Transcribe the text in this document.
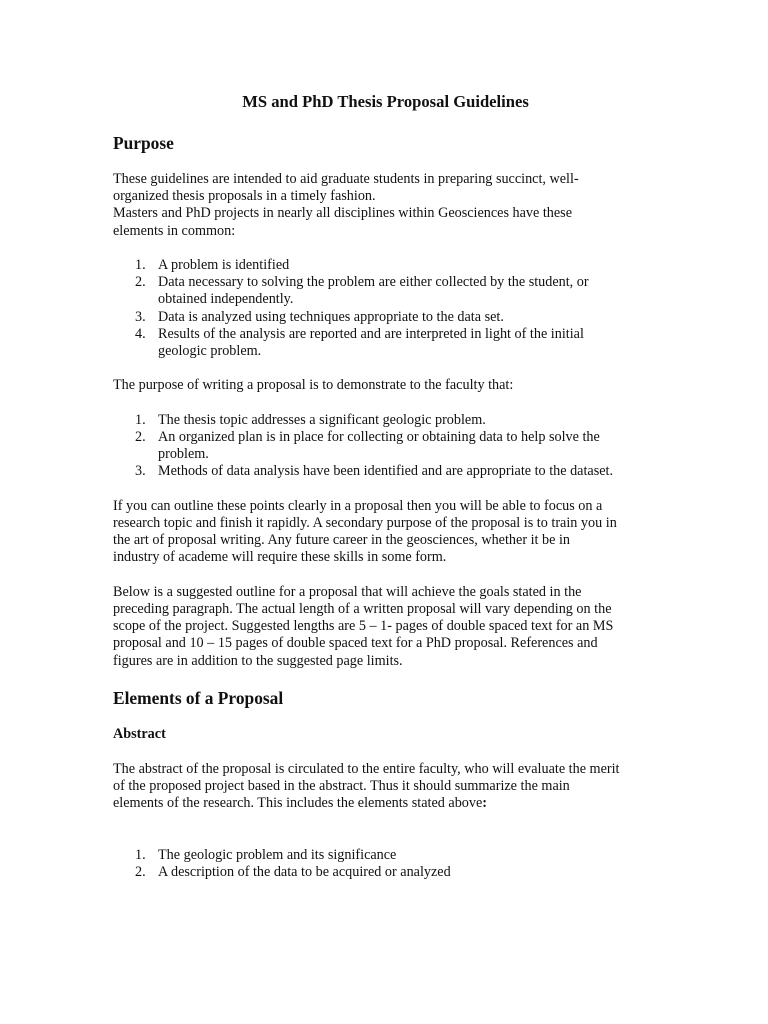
MS and PhD Thesis Proposal Guidelines
Purpose

These guidelines are intended to aid graduate students in preparing succinct, well-
organized thesis proposals in a timely fashion.
Masters and PhD projects in nearly all disciplines within Geosciences have these
elements in common:

1. A problem is identified
2. Data necessary to solving the problem are either collected by the student, or
obtained independently.
3. Data is analyzed using techniques appropriate to the data set.
4. Results of the analysis are reported and are interpreted in light of the initial
geologic problem.

The purpose of writing a proposal is to demonstrate to the faculty that:

1. The thesis topic addresses a significant geologic problem.
2. An organized plan is in place for collecting or obtaining data to help solve the
problem.
3. Methods of data analysis have been identified and are appropriate to the dataset.

If you can outline these points clearly in a proposal then you will be able to focus on a
research topic and finish it rapidly. A secondary purpose of the proposal is to train you in
the art of proposal writing. Any future career in the geosciences, whether it be in
industry of academe will require these skills in some form.

Below is a suggested outline for a proposal that will achieve the goals stated in the
preceding paragraph. The actual length of a written proposal will vary depending on the
scope of the project. Suggested lengths are 5 – 1- pages of double spaced text for an MS
proposal and 10 – 15 pages of double spaced text for a PhD proposal. References and
figures are in addition to the suggested page limits.

Elements of a Proposal
Abstract

The abstract of the proposal is circulated to the entire faculty, who will evaluate the merit
of the proposed project based in the abstract. Thus it should summarize the main
elements of the research. This includes the elements stated above:

1. The geologic problem and its significance
2. A description of the data to be acquired or analyzed
